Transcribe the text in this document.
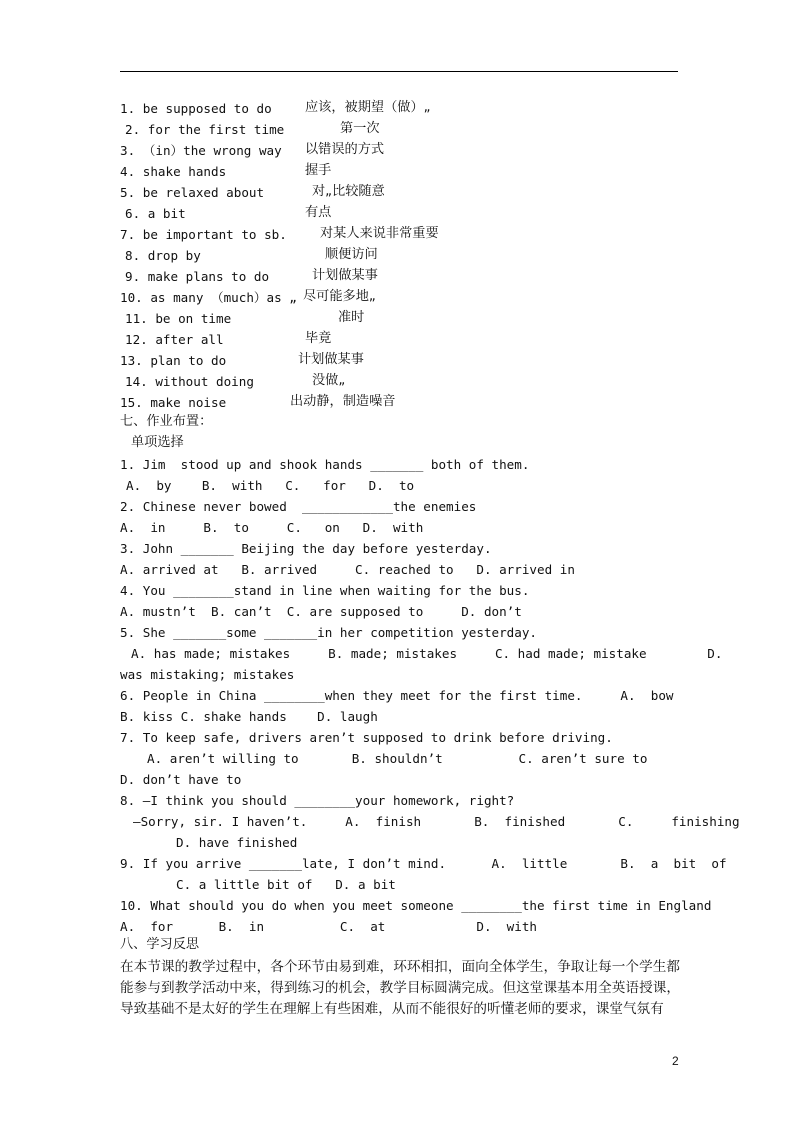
1. be supposed to do	应该，被期望（做）„
2. for the first time	第一次
3. （in）the wrong way 以错误的方式
4. shake hands	握手
5. be relaxed about	对„比较随意
6. a bit	有点
7. be important to sb.	对某人来说非常重要
8. drop by	顺便访问
9. make plans to do	计划做某事
10. as many （much）as „ 尽可能多地„
11. be on time	准时
12. after all	毕竟
13. plan to do	计划做某事
14. without doing	没做„
15. make noise	出动静，制造噪音
七、作业布置：
单项选择
1. Jim  stood up and shook hands _______ both of them.
A.  by    B.  with   C.   for   D.  to
2. Chinese never bowed  ____________the enemies
A.  in     B.  to     C.   on   D.  with
3. John _______ Beijing the day before yesterday.
A. arrived at   B. arrived     C. reached to   D. arrived in
4. You ________stand in line when waiting for the bus.
A. mustn’t  B. can’t  C. are supposed to     D. don’t
5. She _______some _______in her competition yesterday.
A. has made; mistakes     B. made; mistakes     C. had made; mistake        D.
was mistaking; mistakes
6. People in China ________when they meet for the first time.     A.  bow
B. kiss C. shake hands    D. laugh
7. To keep safe, drivers aren’t supposed to drink before driving.
A. aren’t willing to       B. shouldn’t          C. aren’t sure to
D. don’t have to
8. —I think you should ________your homework, right?
—Sorry, sir. I haven’t.     A.  finish       B.  finished       C.     finishing
D. have finished
9. If you arrive _______late, I don’t mind.      A.  little       B.  a  bit  of
C. a little bit of   D. a bit
10. What should you do when you meet someone ________the first time in England
A.  for      B.  in          C.  at            D.  with
八、学习反思
在本节课的教学过程中，各个环节由易到难，环环相扣，面向全体学生，争取让每一个学生都能参与到教学活动中来，得到练习的机会，教学目标圆满完成。但这堂课基本用全英语授课，导致基础不是太好的学生在理解上有些困难，从而不能很好的听懂老师的要求，课堂气氛有
2
